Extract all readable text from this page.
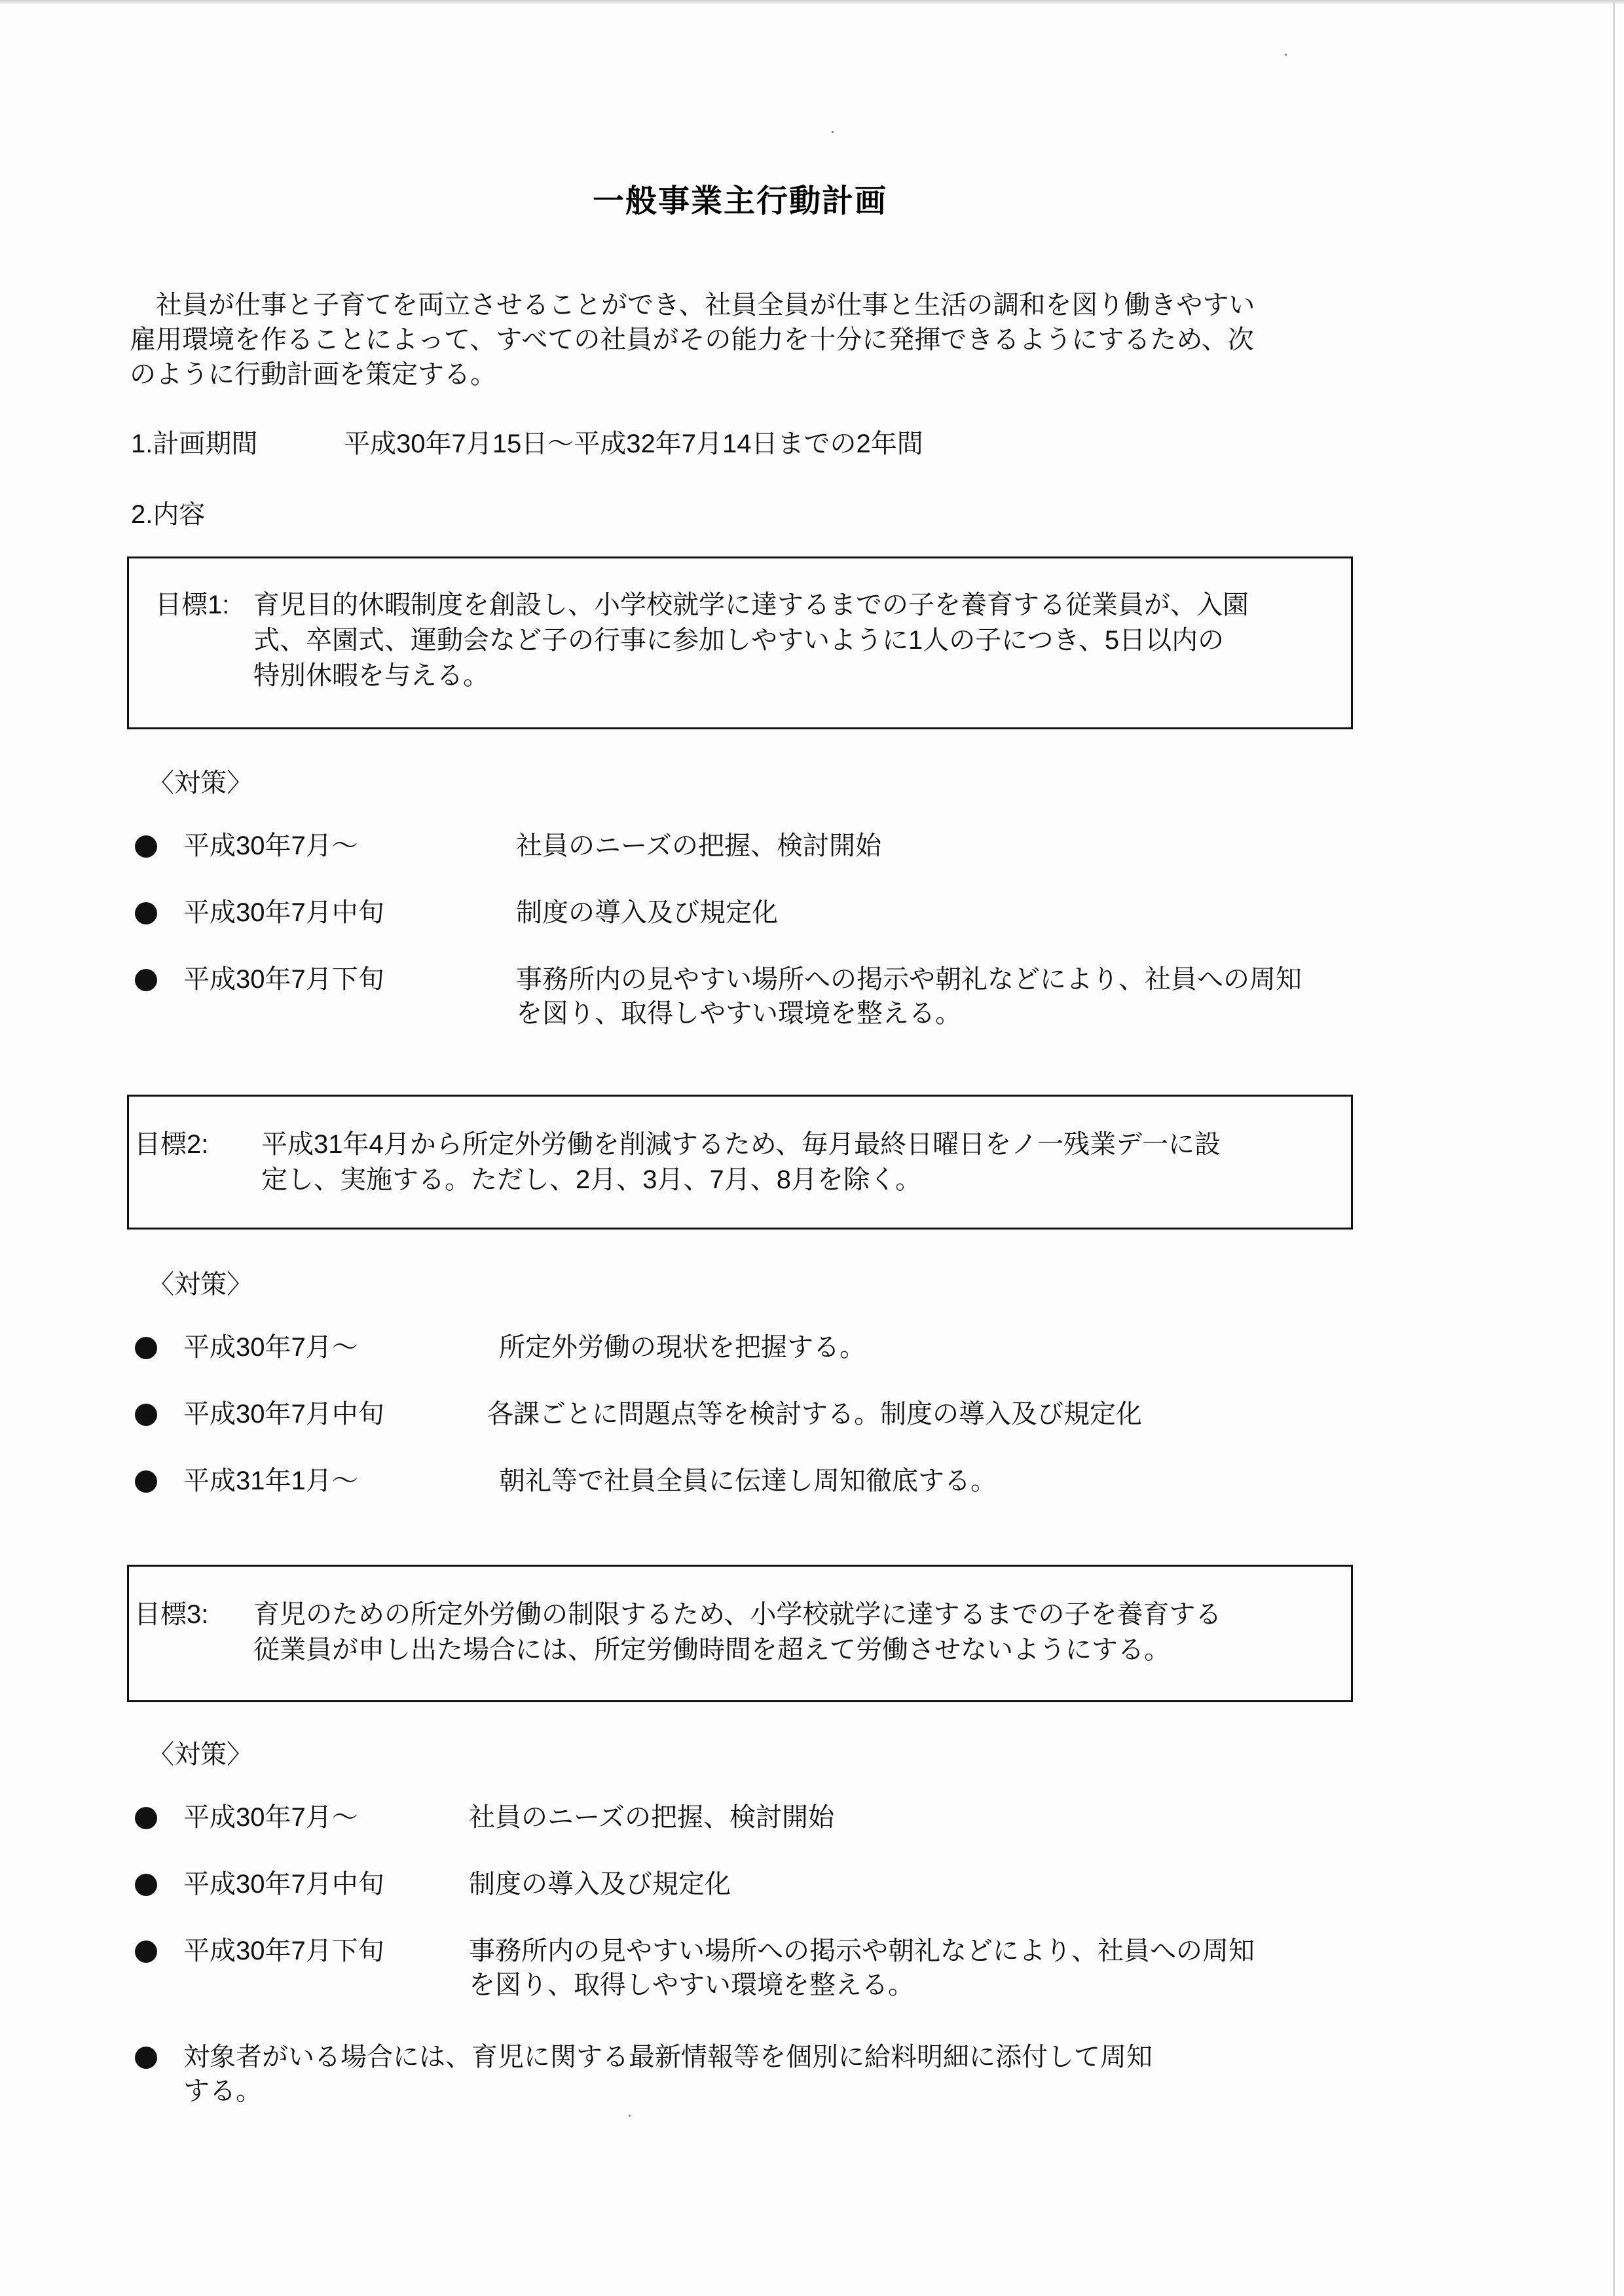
一般事業主行動計画

社員が仕事と子育てを両立させることができ、社員全員が仕事と生活の調和を図り働きやすい

雇用環境を作ることによって、すべての社員がその能力を十分に発揮できるようにするため、次

のように行動計画を策定する。

1.計画期間	平成30年7月15日～平成32年7月14日までの2年間
2.内容
目標1: 育児目的休暇制度を創設し、小学校就学に達するまでの子を養育する従業員が、入園
式、卒園式、運動会など子の行事に参加しやすいように1人の子につき、5日以内の
特別休暇を与える。
〈対策〉
平成30年7月～	社員のニーズの把握、検討開始

平成30年7月中旬	制度の導入及び規定化

平成30年7月下旬	事務所内の見やすい場所への掲示や朝礼などにより、社員への周知

を図り、取得しやすい環境を整える。

目標2: 平成31年4月から所定外労働を削減するため、毎月最終日曜日をノ一残業デ一に設
定し、実施する。ただし、2月、3月、7月、8月を除く。
〈対策〉
平成30年7月～	所定外労働の現状を把握する。

平成30年7月中旬	各課ごとに問題点等を検討する。制度の導入及び規定化

平成31年1月～	朝礼等で社員全員に伝達し周知徹底する。

目標3: 育児のための所定外労働の制限するため、小学校就学に達するまでの子を養育する
従業員が申し出た場合には、所定労働時間を超えて労働させないようにする。
〈対策〉
平成30年7月～	社員のニーズの把握、検討開始

平成30年7月中旬	制度の導入及び規定化

平成30年7月下旬	事務所内の見やすい場所への掲示や朝礼などにより、社員への周知

を図り、取得しやすい環境を整える。

対象者がいる場合には、育児に関する最新情報等を個別に給料明細に添付して周知

する。
